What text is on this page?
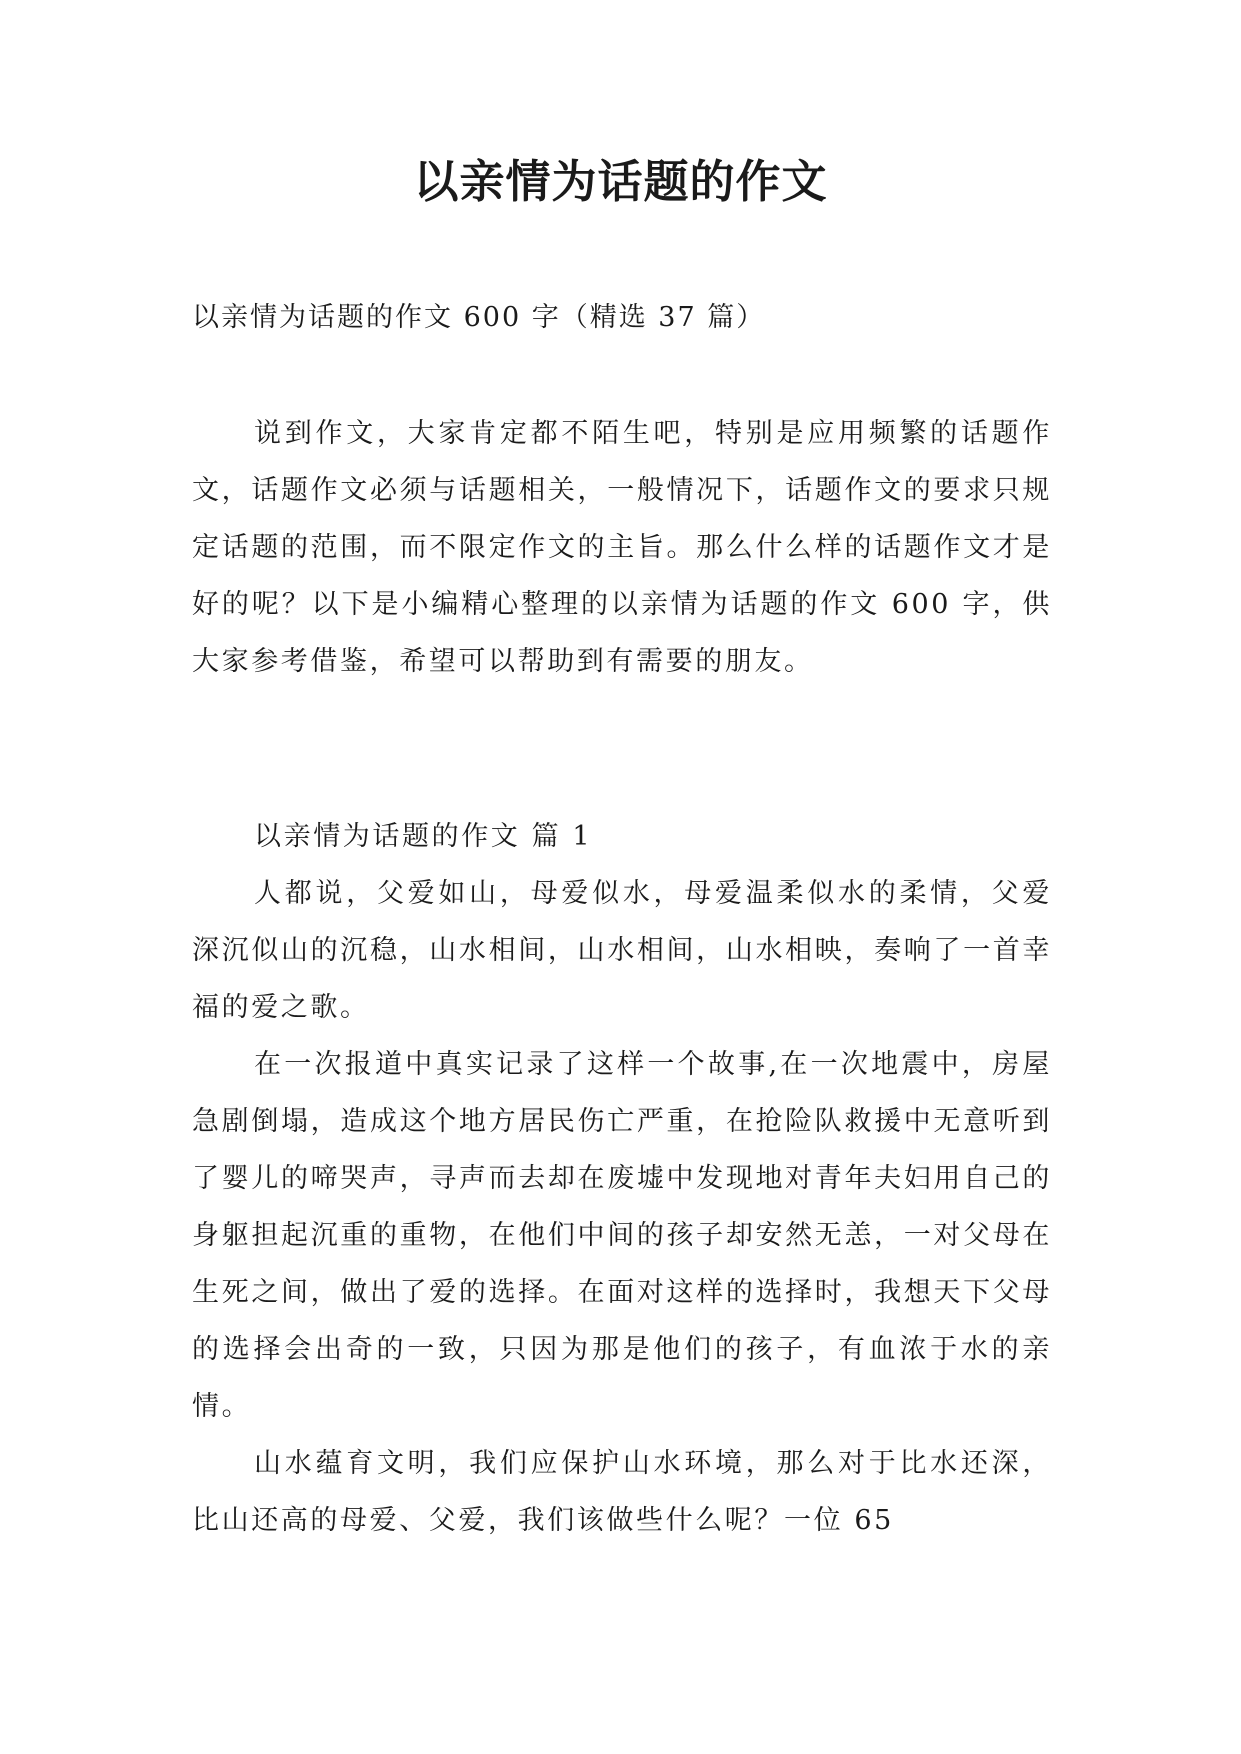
以亲情为话题的作文
以亲情为话题的作文 600 字（精选 37 篇）

说到作文，大家肯定都不陌生吧，特别是应用频繁的话题作文，话题作文必须与话题相关，一般情况下，话题作文的要求只规定话题的范围，而不限定作文的主旨。那么什么样的话题作文才是好的呢？以下是小编精心整理的以亲情为话题的作文 600 字，供大家参考借鉴，希望可以帮助到有需要的朋友。

以亲情为话题的作文 篇 1

人都说，父爱如山，母爱似水，母爱温柔似水的柔情，父爱深沉似山的沉稳，山水相间，山水相间，山水相映，奏响了一首幸福的爱之歌。

在一次报道中真实记录了这样一个故事,在一次地震中，房屋急剧倒塌，造成这个地方居民伤亡严重，在抢险队救援中无意听到了婴儿的啼哭声，寻声而去却在废墟中发现地对青年夫妇用自己的身躯担起沉重的重物，在他们中间的孩子却安然无恙，一对父母在生死之间，做出了爱的选择。在面对这样的选择时，我想天下父母的选择会出奇的一致，只因为那是他们的孩子，有血浓于水的亲情。

山水蕴育文明，我们应保护山水环境，那么对于比水还深，比山还高的母爱、父爱，我们该做些什么呢？一位 65
